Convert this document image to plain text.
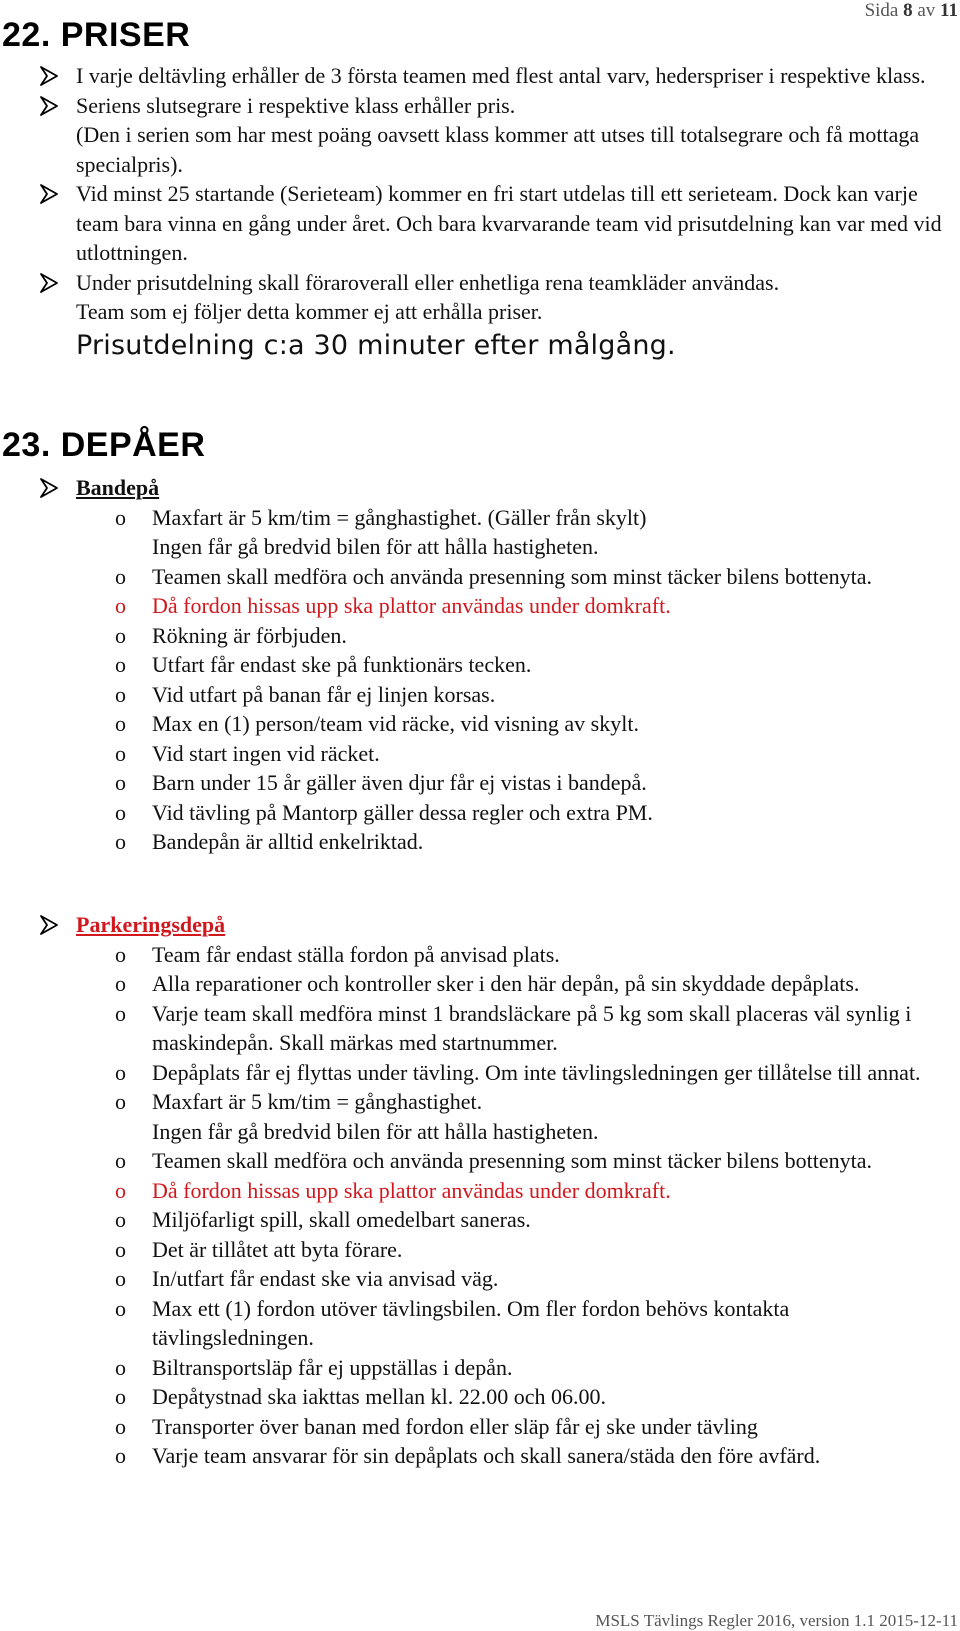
Sida 8 av 11
22. PRISER
I varje deltävling erhåller de 3 första teamen med flest antal varv, hederspriser i respektive klass.
Seriens slutsegrare i respektive klass erhåller pris.
(Den i serien som har mest poäng oavsett klass kommer att utses till totalsegrare och få mottaga specialpris).
Vid minst 25 startande (Serieteam) kommer en fri start utdelas till ett serieteam. Dock kan varje team bara vinna en gång under året. Och bara kvarvarande team vid prisutdelning kan var med vid utlottningen.
Under prisutdelning skall föraroverall eller enhetliga rena teamkläder användas.
Team som ej följer detta kommer ej att erhålla priser.
Prisutdelning c:a 30 minuter efter målgång.
23. DEPÅER
Bandepå
o Maxfart är 5 km/tim = gånghastighet. (Gäller från skylt)
Ingen får gå bredvid bilen för att hålla hastigheten.
o Teamen skall medföra och använda presenning som minst täcker bilens bottenyta.
o Då fordon hissas upp ska plattor användas under domkraft.
o Rökning är förbjuden.
o Utfart får endast ske på funktionärs tecken.
o Vid utfart på banan får ej linjen korsas.
o Max en (1) person/team vid räcke, vid visning av skylt.
o Vid start ingen vid räcket.
o Barn under 15 år gäller även djur får ej vistas i bandepå.
o Vid tävling på Mantorp gäller dessa regler och extra PM.
o Bandepån är alltid enkelriktad.
Parkeringsdepå
o Team får endast ställa fordon på anvisad plats.
o Alla reparationer och kontroller sker i den här depån, på sin skyddade depåplats.
o Varje team skall medföra minst 1 brandsläckare på 5 kg som skall placeras väl synlig i maskindepån. Skall märkas med startnummer.
o Depåplats får ej flyttas under tävling. Om inte tävlingsledningen ger tillåtelse till annat.
o Maxfart är 5 km/tim = gånghastighet.
Ingen får gå bredvid bilen för att hålla hastigheten.
o Teamen skall medföra och använda presenning som minst täcker bilens bottenyta.
o Då fordon hissas upp ska plattor användas under domkraft.
o Miljöfarligt spill, skall omedelbart saneras.
o Det är tillåtet att byta förare.
o In/utfart får endast ske via anvisad väg.
o Max ett (1) fordon utöver tävlingsbilen. Om fler fordon behövs kontakta tävlingsledningen.
o Biltransportsläp får ej uppställas i depån.
o Depåtystnad ska iakttas mellan kl. 22.00 och 06.00.
o Transporter över banan med fordon eller släp får ej ske under tävling
o Varje team ansvarar för sin depåplats och skall sanera/städa den före avfärd.
MSLS Tävlings Regler 2016, version 1.1 2015-12-11
